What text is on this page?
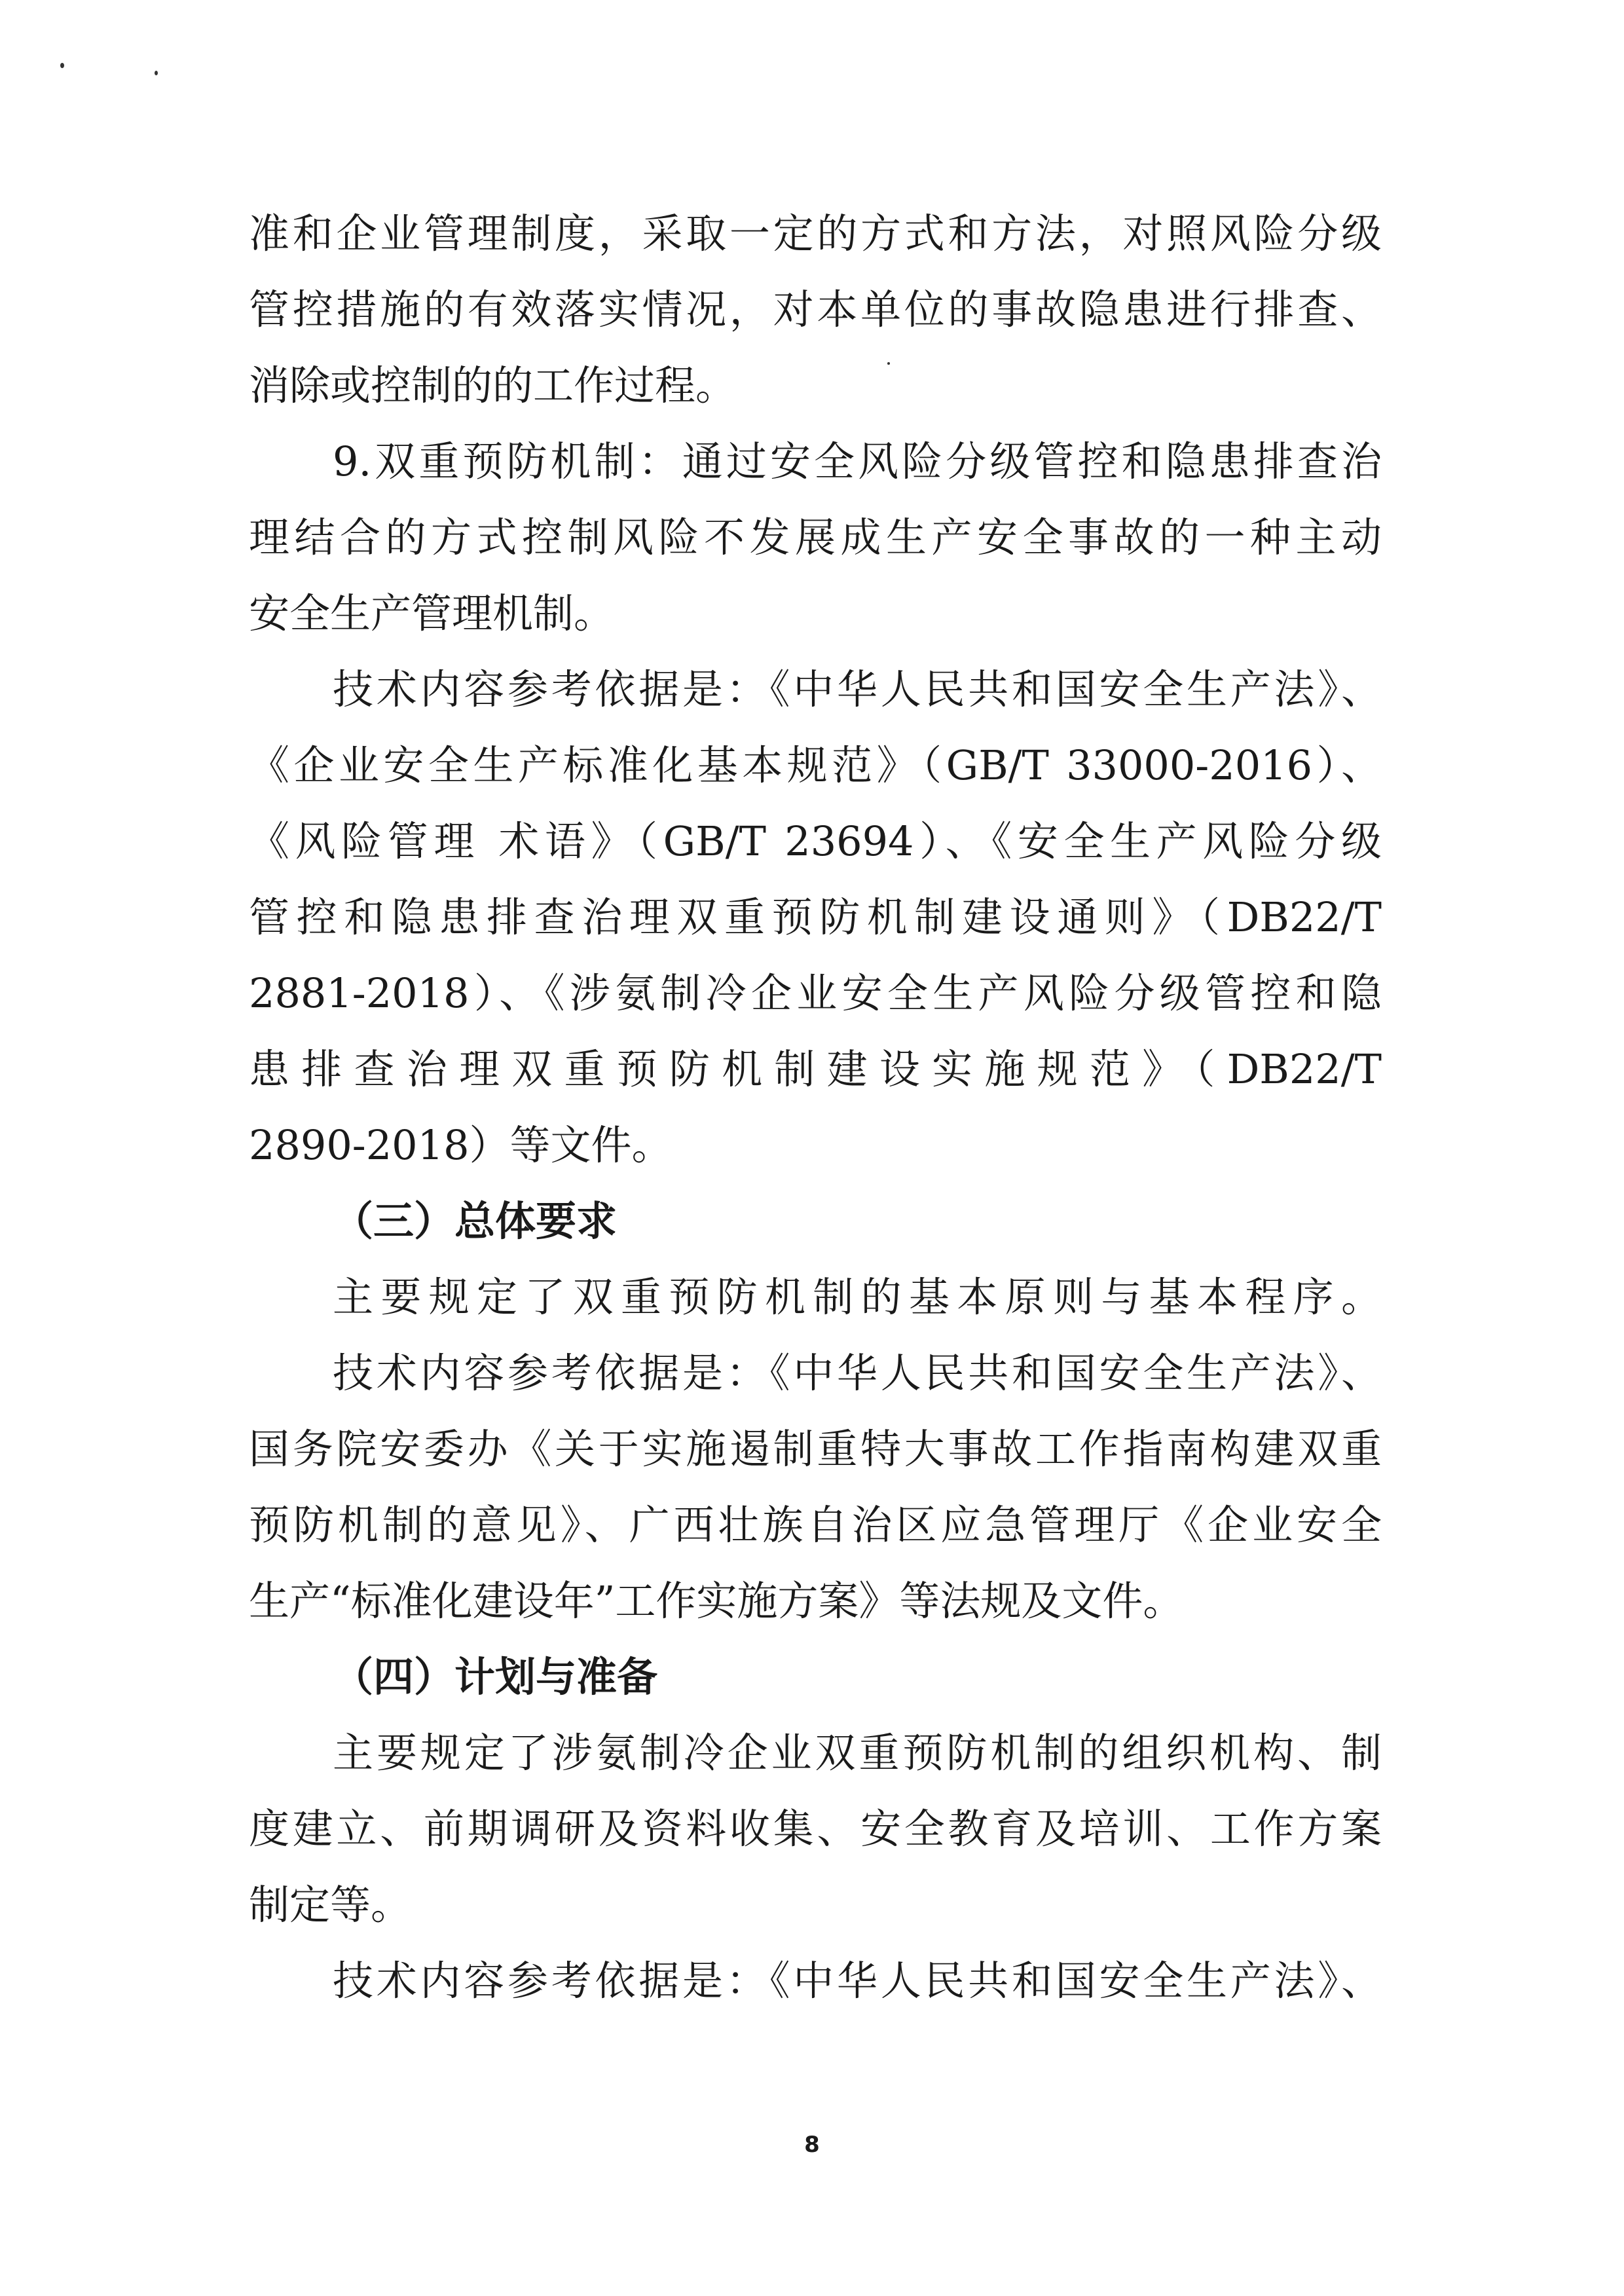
准和企业管理制度，采取一定的方式和方法，对照风险分级
管控措施的有效落实情况，对本单位的事故隐患进行排查、
消除或控制的的工作过程。
9.双重预防机制：通过安全风险分级管控和隐患排查治
理结合的方式控制风险不发展成生产安全事故的一种主动
安全生产管理机制。
技术内容参考依据是：《中华人民共和国安全生产法》、
《企业安全生产标准化基本规范》（GB/T 33000-2016）、
《风险管理 术语》（GB/T 23694）、《安全生产风险分级
管控和隐患排查治理双重预防机制建设通则》（DB22/T
2881-2018）、《涉氨制冷企业安全生产风险分级管控和隐
患排查治理双重预防机制建设实施规范》（DB22/T
2890-2018）等文件。
（三）总体要求
主要规定了双重预防机制的基本原则与基本程序。
技术内容参考依据是：《中华人民共和国安全生产法》、
国务院安委办《关于实施遏制重特大事故工作指南构建双重
预防机制的意见》、广西壮族自治区应急管理厅《企业安全
生产“标准化建设年”工作实施方案》等法规及文件。
（四）计划与准备
主要规定了涉氨制冷企业双重预防机制的组织机构、制
度建立、前期调研及资料收集、安全教育及培训、工作方案
制定等。
技术内容参考依据是：《中华人民共和国安全生产法》、
8
